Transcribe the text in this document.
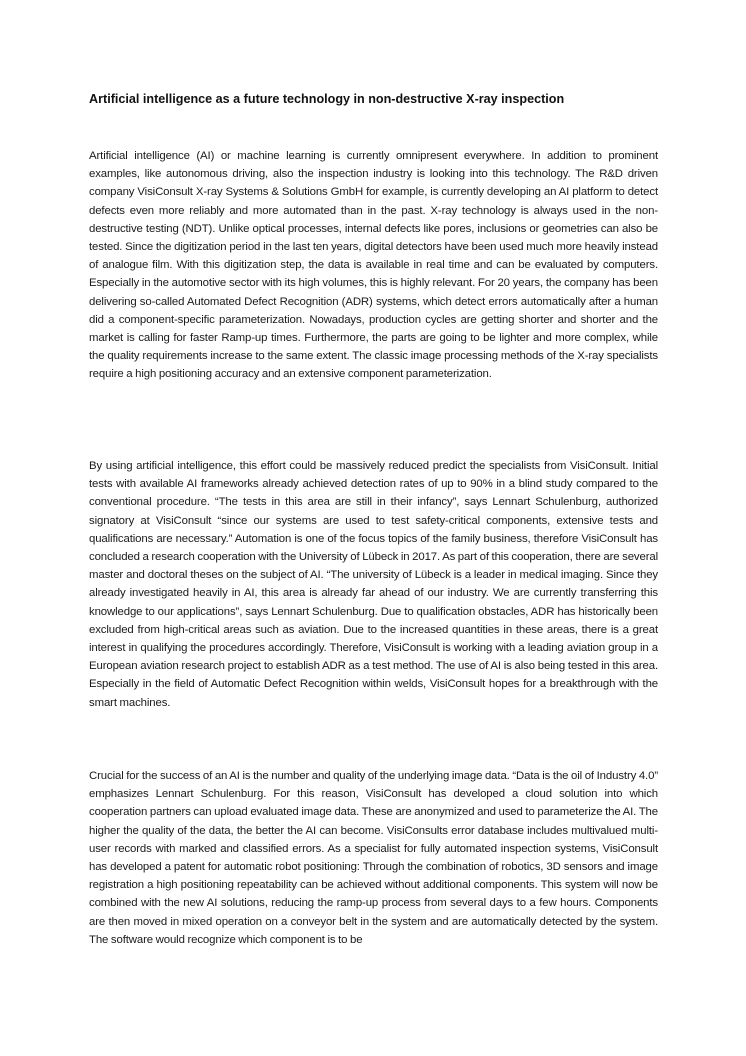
Artificial intelligence as a future technology in non-destructive X-ray inspection

Artificial intelligence (AI) or machine learning is currently omnipresent everywhere. In addition to prominent examples, like autonomous driving, also the inspection industry is looking into this technology. The R&D driven company VisiConsult X-ray Systems & Solutions GmbH for example, is currently developing an AI platform to detect defects even more reliably and more automated than in the past. X-ray technology is always used in the non-destructive testing (NDT). Unlike optical processes, internal defects like pores, inclusions or geometries can also be tested. Since the digitization period in the last ten years, digital detectors have been used much more heavily instead of analogue film. With this digitization step, the data is available in real time and can be evaluated by computers. Especially in the automotive sector with its high volumes, this is highly relevant. For 20 years, the company has been delivering so-called Automated Defect Recognition (ADR) systems, which detect errors automatically after a human did a component-specific parameterization. Nowadays, production cycles are getting shorter and shorter and the market is calling for faster Ramp-up times. Furthermore, the parts are going to be lighter and more complex, while the quality requirements increase to the same extent. The classic image processing methods of the X-ray specialists require a high positioning accuracy and an extensive component parameterization.

By using artificial intelligence, this effort could be massively reduced predict the specialists from VisiConsult. Initial tests with available AI frameworks already achieved detection rates of up to 90% in a blind study compared to the conventional procedure. “The tests in this area are still in their infancy”, says Lennart Schulenburg, authorized signatory at VisiConsult “since our systems are used to test safety-critical components, extensive tests and qualifications are necessary.” Automation is one of the focus topics of the family business, therefore VisiConsult has concluded a research cooperation with the University of Lübeck in 2017. As part of this cooperation, there are several master and doctoral theses on the subject of AI. “The university of Lübeck is a leader in medical imaging. Since they already investigated heavily in AI, this area is already far ahead of our industry. We are currently transferring this knowledge to our applications”, says Lennart Schulenburg. Due to qualification obstacles, ADR has historically been excluded from high-critical areas such as aviation. Due to the increased quantities in these areas, there is a great interest in qualifying the procedures accordingly. Therefore, VisiConsult is working with a leading aviation group in a European aviation research project to establish ADR as a test method. The use of AI is also being tested in this area. Especially in the field of Automatic Defect Recognition within welds, VisiConsult hopes for a breakthrough with the smart machines.

Crucial for the success of an AI is the number and quality of the underlying image data. “Data is the oil of Industry 4.0” emphasizes Lennart Schulenburg. For this reason, VisiConsult has developed a cloud solution into which cooperation partners can upload evaluated image data. These are anonymized and used to parameterize the AI. The higher the quality of the data, the better the AI can become. VisiConsults error database includes multivalued multi-user records with marked and classified errors. As a specialist for fully automated inspection systems, VisiConsult has developed a patent for automatic robot positioning: Through the combination of robotics, 3D sensors and image registration a high positioning repeatability can be achieved without additional components. This system will now be combined with the new AI solutions, reducing the ramp-up process from several days to a few hours. Components are then moved in mixed operation on a conveyor belt in the system and are automatically detected by the system. The software would recognize which component is to be
